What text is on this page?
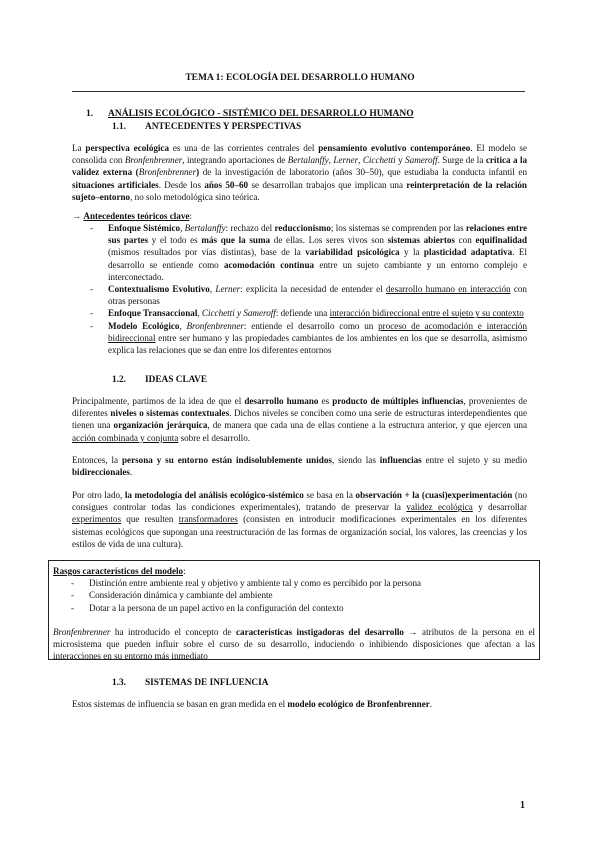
TEMA 1: ECOLOGÍA DEL DESARROLLO HUMANO
1. ANÁLISIS ECOLÓGICO - SISTÉMICO DEL DESARROLLO HUMANO
1.1. ANTECEDENTES Y PERSPECTIVAS
La perspectiva ecológica es una de las corrientes centrales del pensamiento evolutivo contemporáneo. El modelo se consolida con Bronfenbrenner, integrando aportaciones de Bertalanffy, Lerner, Cicchetti y Sameroff. Surge de la crítica a la validez externa (Bronfenbrenner) de la investigación de laboratorio (años 30–50), que estudiaba la conducta infantil en situaciones artificiales. Desde los años 50–60 se desarrollan trabajos que implican una reinterpretación de la relación sujeto–entorno, no solo metodológica sino teórica.
→ Antecedentes teóricos clave:
- Enfoque Sistémico, Bertalanffy: rechazo del reduccionismo; los sistemas se comprenden por las relaciones entre sus partes y el todo es más que la suma de ellas. Los seres vivos son sistemas abiertos con equifinalidad (mismos resultados por vías distintas), base de la variabilidad psicológica y la plasticidad adaptativa. El desarrollo se entiende como acomodación continua entre un sujeto cambiante y un entorno complejo e interconectado.
- Contextualismo Evolutivo, Lerner: explicita la necesidad de entender el desarrollo humano en interacción con otras personas
- Enfoque Transaccional, Cicchetti y Sameroff: defiende una interacción bidireccional entre el sujeto y su contexto
- Modelo Ecológico, Bronfenbrenner: entiende el desarrollo como un proceso de acomodación e interacción bidireccional entre ser humano y las propiedades cambiantes de los ambientes en los que se desarrolla, asimismo explica las relaciones que se dan entre los diferentes entornos
1.2. IDEAS CLAVE
Principalmente, partimos de la idea de que el desarrollo humano es producto de múltiples influencias, provenientes de diferentes niveles o sistemas contextuales. Dichos niveles se conciben como una serie de estructuras interdependientes que tienen una organización jerárquica, de manera que cada una de ellas contiene a la estructura anterior, y que ejercen una acción combinada y conjunta sobre el desarrollo.
Entonces, la persona y su entorno están indisolublemente unidos, siendo las influencias entre el sujeto y su medio bidireccionales.
Por otro lado, la metodología del análisis ecológico-sistémico se basa en la observación + la (cuasi)experimentación (no consigues controlar todas las condiciones experimentales), tratando de preservar la validez ecológica y desarrollar experimentos que resulten transformadores (consisten en introducir modificaciones experimentales en los diferentes sistemas ecológicos que supongan una reestructuración de las formas de organización social, los valores, las creencias y los estilos de vida de una cultura).
Rasgos característicos del modelo:
- Distinción entre ambiente real y objetivo y ambiente tal y como es percibido por la persona
- Consideración dinámica y cambiante del ambiente
- Dotar a la persona de un papel activo en la configuración del contexto
Bronfenbrenner ha introducido el concepto de características instigadoras del desarrollo → atributos de la persona en el microsistema que pueden influir sobre el curso de su desarrollo, induciendo o inhibiendo disposiciones que afectan a las interacciones en su entorno más inmediato
1.3. SISTEMAS DE INFLUENCIA
Estos sistemas de influencia se basan en gran medida en el modelo ecológico de Bronfenbrenner.
1
